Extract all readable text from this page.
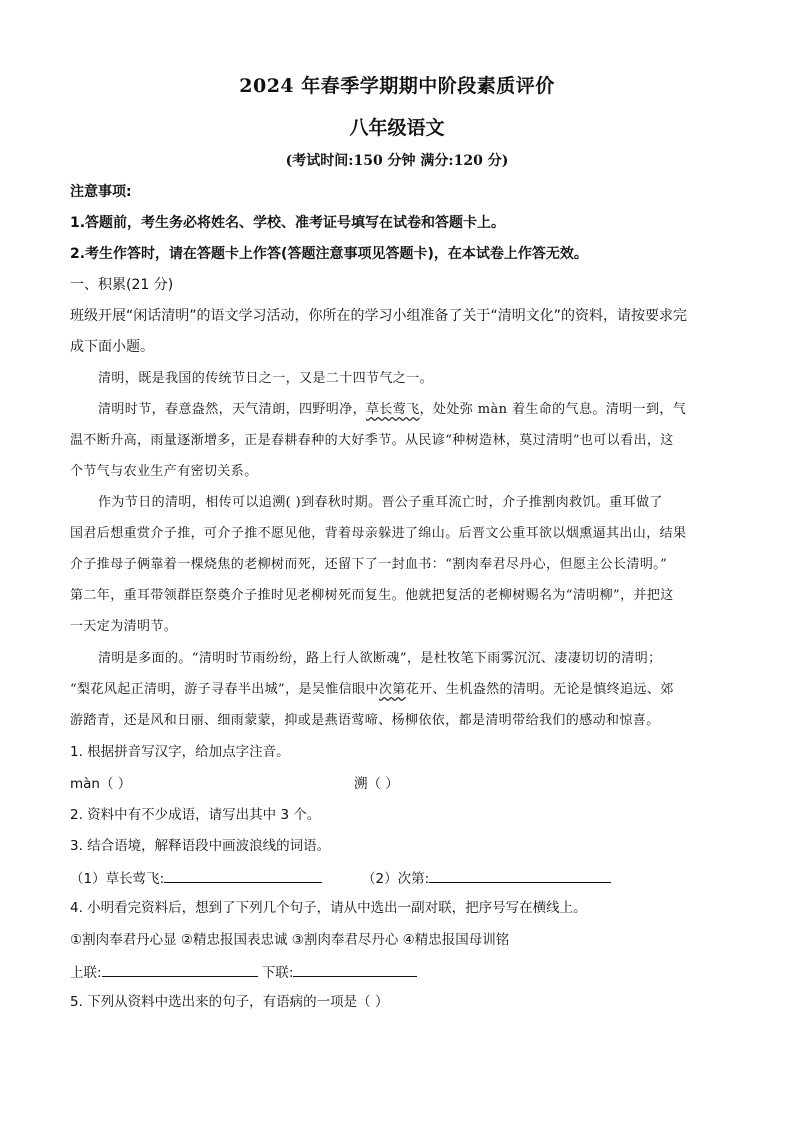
2024 年春季学期期中阶段素质评价
八年级语文
(考试时间:150 分钟 满分:120 分)
注意事项:
1.答题前，考生务必将姓名、学校、准考证号填写在试卷和答题卡上。
2.考生作答时，请在答题卡上作答(答题注意事项见答题卡)，在本试卷上作答无效。
一、积累(21 分)
班级开展“闲话清明”的语文学习活动，你所在的学习小组准备了关于“清明文化”的资料，请按要求完
成下面小题。
清明，既是我国的传统节日之一，又是二十四节气之一。
清明时节，春意盎然，天气清朗，四野明净，草长莺飞，处处弥 màn 着生命的气息。清明一到，气
温不断升高，雨量逐渐增多，正是春耕春种的大好季节。从民谚“种树造林，莫过清明”也可以看出，这
个节气与农业生产有密切关系。
作为节日的清明，相传可以追溯( )到春秋时期。晋公子重耳流亡时，介子推割肉救饥。重耳做了
国君后想重赏介子推，可介子推不愿见他，背着母亲躲进了绵山。后晋文公重耳欲以烟熏逼其出山，结果
介子推母子俩靠着一棵烧焦的老柳树而死，还留下了一封血书：“割肉奉君尽丹心，但愿主公长清明。”
第二年，重耳带领群臣祭奠介子推时见老柳树死而复生。他就把复活的老柳树赐名为“清明柳”，并把这
一天定为清明节。
清明是多面的。“清明时节雨纷纷，路上行人欲断魂”，是杜牧笔下雨雾沉沉、凄凄切切的清明；
“梨花风起正清明，游子寻春半出城”，是吴惟信眼中次第花开、生机盎然的清明。无论是慎终追远、郊
游踏青，还是风和日丽、细雨蒙蒙，抑或是燕语莺啼、杨柳依依，都是清明带给我们的感动和惊喜。
1. 根据拼音写汉字，给加点字注音。
màn（ ）	溯（ ）
2. 资料中有不少成语，请写出其中 3 个。
3. 结合语境，解释语段中画波浪线的词语。
（1）草长莺飞:	（2）次第:
4. 小明看完资料后，想到了下列几个句子，请从中选出一副对联，把序号写在横线上。
①割肉奉君丹心显 ②精忠报国表忠诚 ③割肉奉君尽丹心 ④精忠报国母训铭
上联:	下联:
5. 下列从资料中选出来的句子，有语病的一项是（ ）
